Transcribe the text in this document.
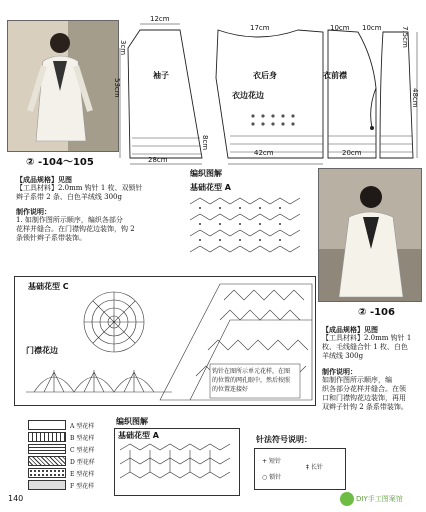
② -104～105
12cm
3cm
53cm
8cm
28cm
17cm
42cm
10cm 10cm	7.5cm
48cm
20cm
袖子	衣后身	衣前襟
衣边花边
【成品规格】见图
【工具材料】2.0mm 钩针 1 枚、双锁针
辫子系带 2 条、白色羊绒线 300g
制作说明：
1. 如制作图所示顺序，编织各部分
花样并缝合。在门襟钩花边装饰，钩 2
条锁针辫子系带装饰。
编织图解
基础花型 A
② -106
基础花型 C
门襟花边
钩针在图所示单元花样，在图
的位置的网孔眼中，然后按照
的位置连接好
【成品规格】见图
【工具材料】2.0mm 钩针 1
枚、毛线缝合针 1 枚、白色
羊绒线 300g
制作说明：
如制作图所示顺序，编
织各部分花样并缝合。在领
口和门襟钩花边装饰，再用
双辫子针钩 2 条系带装饰。
A 型花样
B 型花样
C 型花样
D 型花样
E 型花样
F 型花样
编织图解
基础花型 A	针法符号说明：
+ 短针
○ 锁针
‡ 长针
140	DIY手工图案馆
